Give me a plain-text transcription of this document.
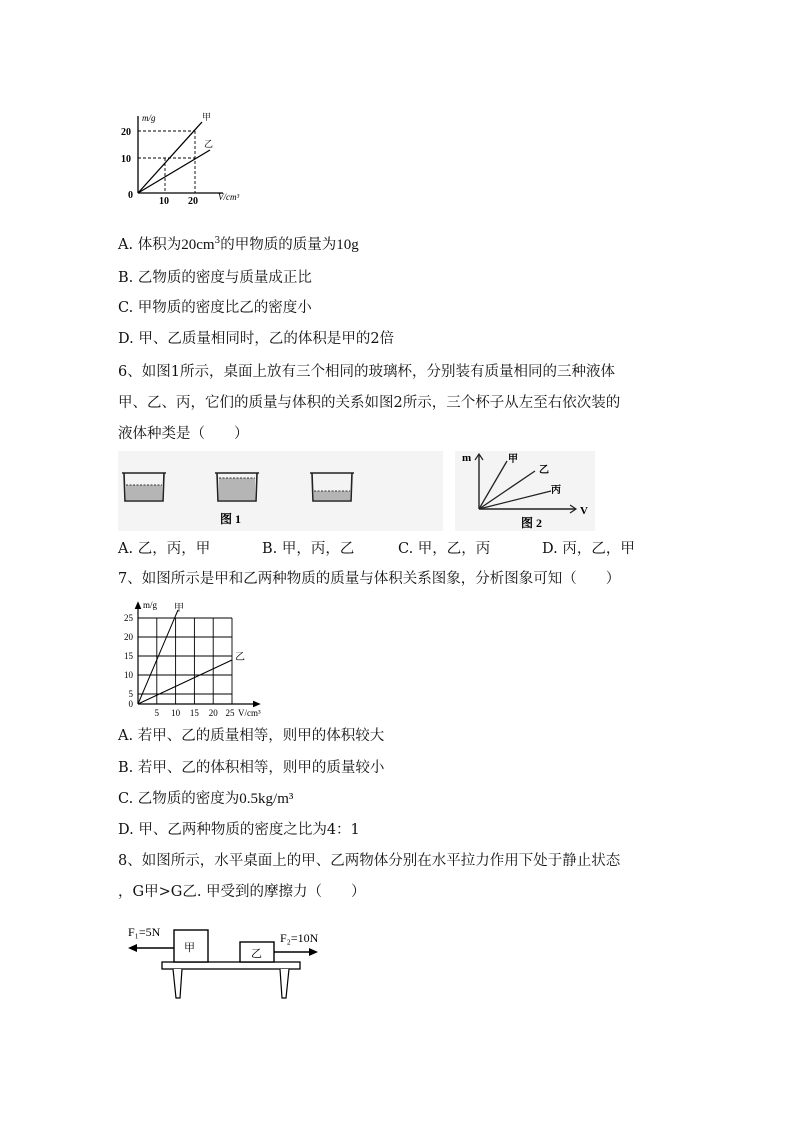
m/g
V/cm³
20
10
0
10 20
甲
乙
A. 体积为$20cm^3$的甲物质的质量为10g
B. 乙物质的密度与质量成正比
C. 甲物质的密度比乙的密度小
D. 甲、乙质量相同时，乙的体积是甲的2倍
6、如图1所示，桌面上放有三个相同的玻璃杯，分别装有质量相同的三种液体
甲、乙、丙，它们的质量与体积的关系如图2所示，三个杯子从左至右依次装的
液体种类是（　　）
图 1
m
V
甲
乙
丙
图 2
A. 乙，丙，甲	B. 甲，丙，乙	C. 甲，乙，丙	D. 丙，乙，甲
7、如图所示是甲和乙两种物质的质量与体积关系图象，分析图象可知（　　）
m/g
V/cm³
甲
乙
25
20
15
10
5
0
5 10 15 20 25
A. 若甲、乙的质量相等，则甲的体积较大
B. 若甲、乙的体积相等，则甲的质量较小
C. 乙物质的密度为0.5kg/m³
D. 甲、乙两种物质的密度之比为4：1
8、如图所示，水平桌面上的甲、乙两物体分别在水平拉力作用下处于静止状态
，G甲>G乙. 甲受到的摩擦力（　　）
F₁=5N	F₂=10N
甲	乙
